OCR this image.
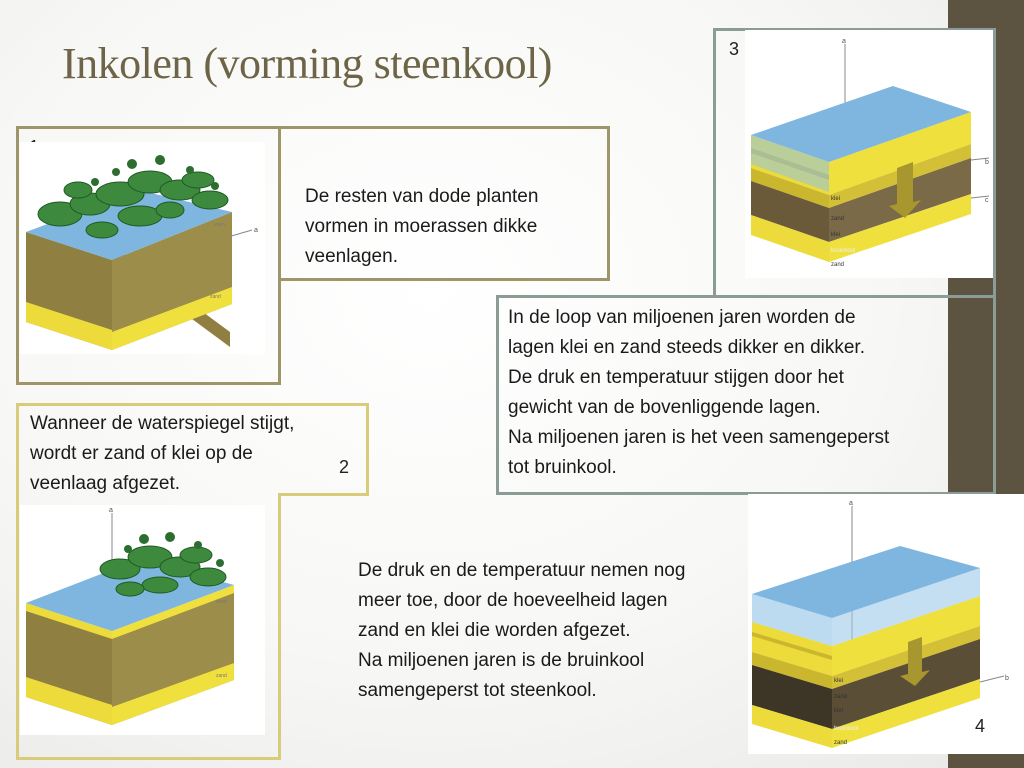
Inkolen (vorming steenkool)
a
veen
zand
De resten van dode planten
vormen in moerassen dikke
veenlagen.
Wanneer de waterspiegel stijgt,
wordt er zand of klei op de
veenlaag afgezet.
2
a
veen
zand
3	a
b
c
klei
zand
klei
bruinkool
zand
In de loop van miljoenen jaren worden de
lagen klei en zand steeds dikker en dikker.
De druk en temperatuur stijgen door het
gewicht van de bovenliggende lagen.
Na miljoenen jaren is het veen samengeperst
tot bruinkool.
De druk en de temperatuur nemen nog
meer toe, door de hoeveelheid lagen
zand en klei die worden afgezet.
Na miljoenen jaren is de bruinkool
samengeperst tot steenkool.
a
b
klei
zand
klei
bruinkool
zand
4
